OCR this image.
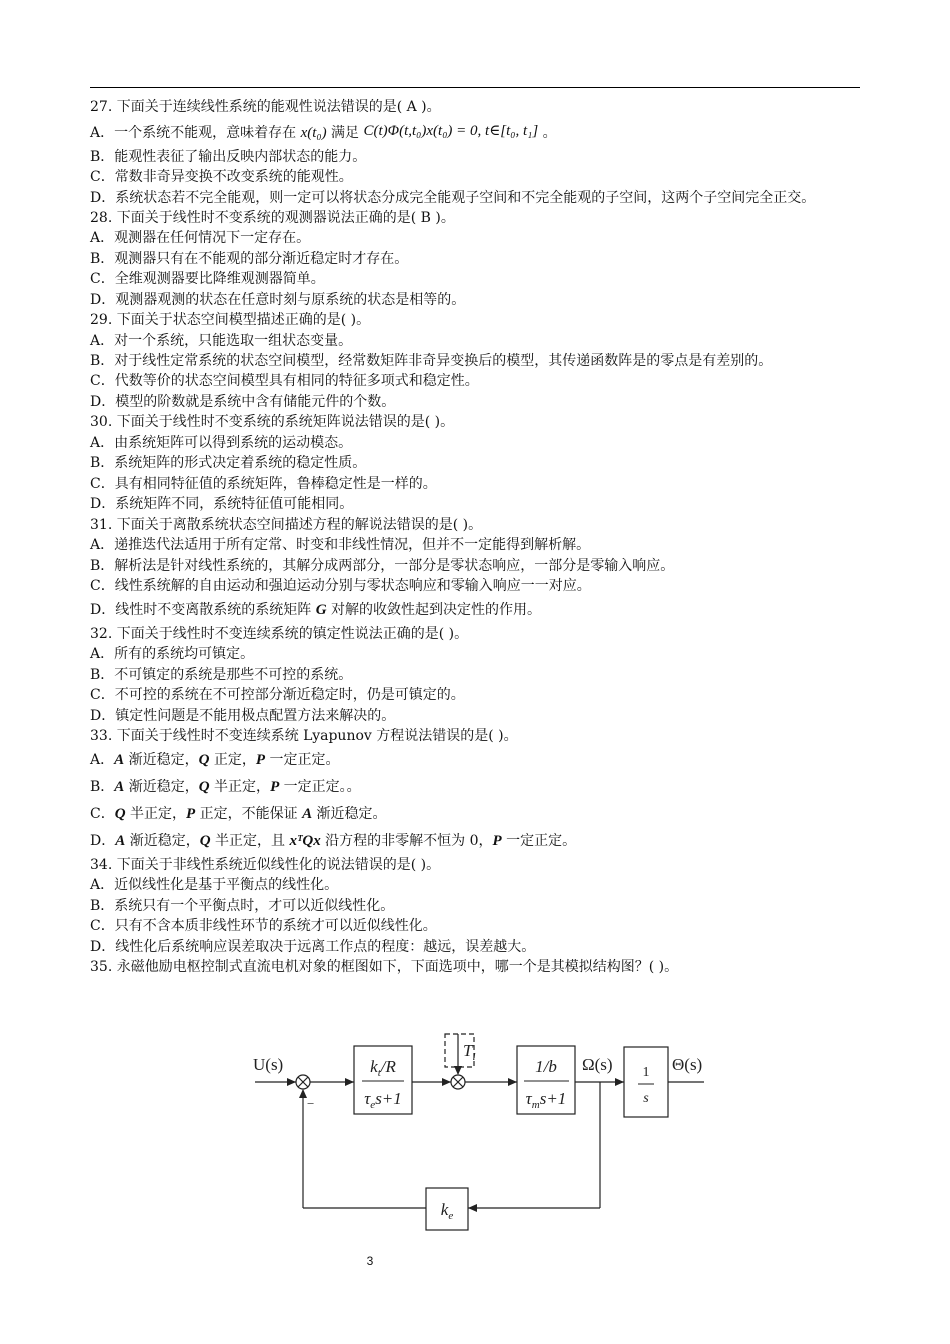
27. 下面关于连续线性系统的能观性说法错误的是( A )。
A．一个系统不能观，意味着存在 x(t₀) 满足 C(t)Φ(t,t₀)x(t₀) = 0, t∈[t₀, t₁] 。
B．能观性表征了输出反映内部状态的能力。
C．常数非奇异变换不改变系统的能观性。
D．系统状态若不完全能观，则一定可以将状态分成完全能观子空间和不完全能观的子空间，这两个子空间完全正交。
28. 下面关于线性时不变系统的观测器说法正确的是( B )。
A．观测器在任何情况下一定存在。
B．观测器只有在不能观的部分渐近稳定时才存在。
C．全维观测器要比降维观测器简单。
D．观测器观测的状态在任意时刻与原系统的状态是相等的。
29. 下面关于状态空间模型描述正确的是( )。
A．对一个系统，只能选取一组状态变量。
B．对于线性定常系统的状态空间模型，经常数矩阵非奇异变换后的模型，其传递函数阵是的零点是有差别的。
C．代数等价的状态空间模型具有相同的特征多项式和稳定性。
D．模型的阶数就是系统中含有储能元件的个数。
30. 下面关于线性时不变系统的系统矩阵说法错误的是( )。
A．由系统矩阵可以得到系统的运动模态。
B．系统矩阵的形式决定着系统的稳定性质。
C．具有相同特征值的系统矩阵，鲁棒稳定性是一样的。
D．系统矩阵不同，系统特征值可能相同。
31. 下面关于离散系统状态空间描述方程的解说法错误的是( )。
A．递推迭代法适用于所有定常、时变和非线性情况，但并不一定能得到解析解。
B．解析法是针对线性系统的，其解分成两部分，一部分是零状态响应，一部分是零输入响应。
C．线性系统解的自由运动和强迫运动分别与零状态响应和零输入响应一一对应。
D．线性时不变离散系统的系统矩阵 G 对解的收敛性起到决定性的作用。
32. 下面关于线性时不变连续系统的镇定性说法正确的是( )。
A．所有的系统均可镇定。
B．不可镇定的系统是那些不可控的系统。
C．不可控的系统在不可控部分渐近稳定时，仍是可镇定的。
D．镇定性问题是不能用极点配置方法来解决的。
33. 下面关于线性时不变连续系统 Lyapunov 方程说法错误的是( )。
A．A 渐近稳定，Q 正定，P 一定正定。
B．A 渐近稳定，Q 半正定，P 一定正定。。
C．Q 半正定，P 正定，不能保证 A 渐近稳定。
D．A 渐近稳定，Q 半正定，且 xᵀQx 沿方程的非零解不恒为 0，P 一定正定。
34. 下面关于非线性系统近似线性化的说法错误的是( )。
A．近似线性化是基于平衡点的线性化。
B．系统只有一个平衡点时，才可以近似线性化。
C．只有不含本质非线性环节的系统才可以近似线性化。
D．线性化后系统响应误差取决于远离工作点的程度：越远，误差越大。
35. 永磁他励电枢控制式直流电机对象的框图如下，下面选项中，哪一个是其模拟结构图？( )。
U(s)
−
$T_l$
$k_t/R$
$\tau_es+1$
1/b
$\tau_ms+1$
Ω(s) 1
s
Θ(s)
$k_e$
3
